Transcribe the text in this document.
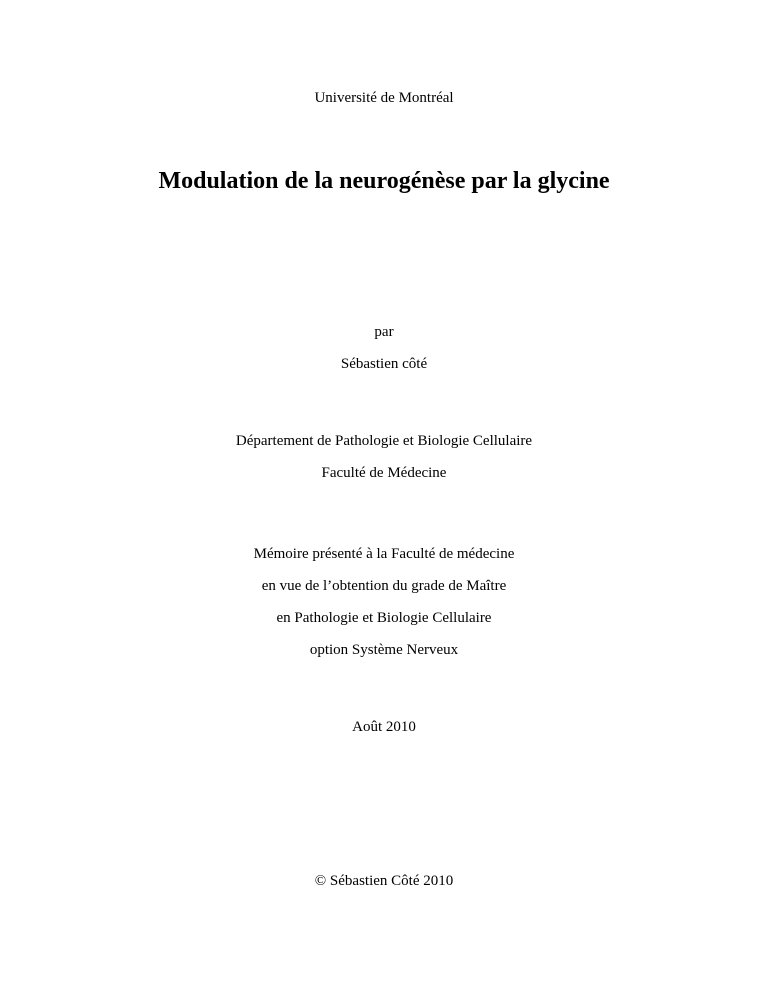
Université de Montréal
Modulation de la neurogénèse par la glycine
par
Sébastien côté
Département de Pathologie et Biologie Cellulaire
Faculté de Médecine
Mémoire présenté à la Faculté de médecine
en vue de l’obtention du grade de Maître
en Pathologie et Biologie Cellulaire
option Système Nerveux
Août 2010
© Sébastien Côté 2010
